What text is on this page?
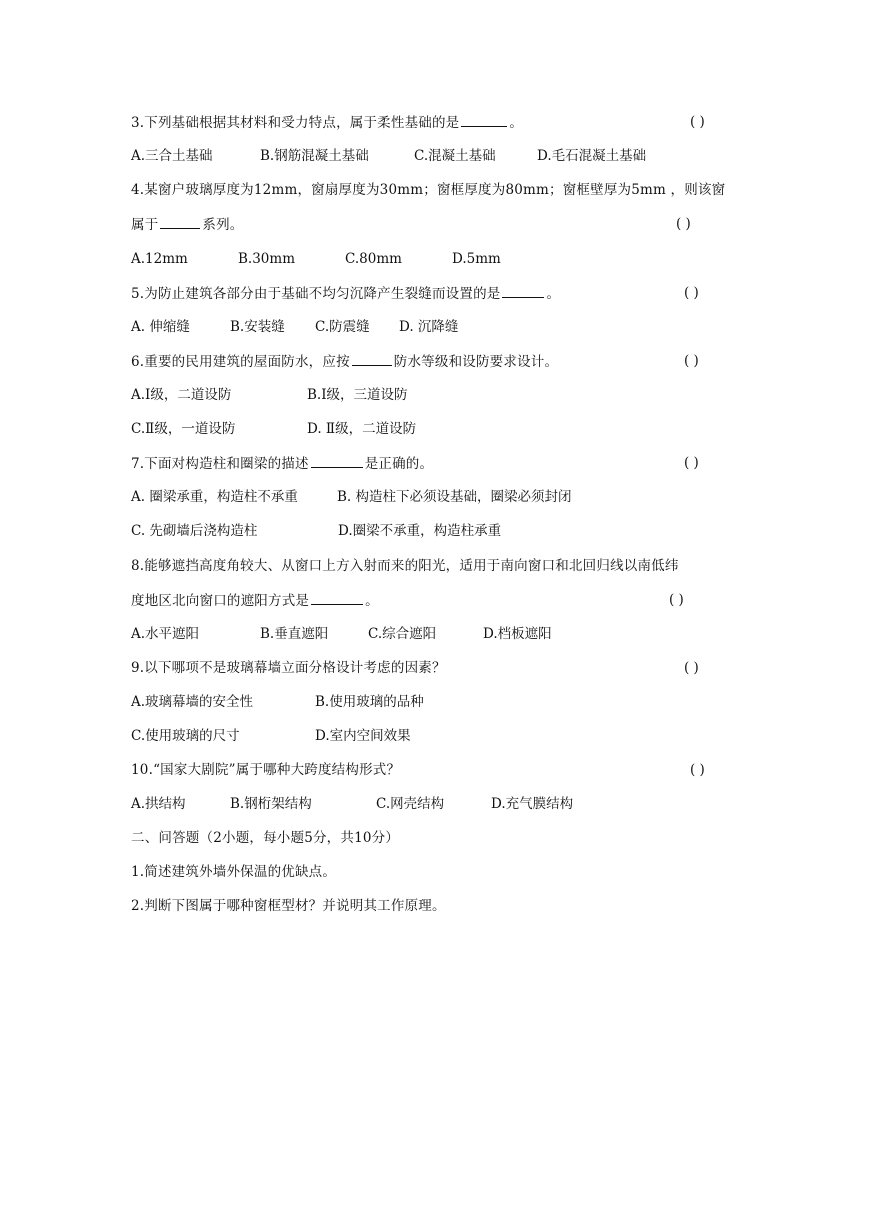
3.下列基础根据其材料和受力特点，属于柔性基础的是	。	( )
A.三合土基础	B.钢筋混凝土基础	C.混凝土基础	D.毛石混凝土基础
4.某窗户玻璃厚度为12mm，窗扇厚度为30mm；窗框厚度为80mm；窗框壁厚为5mm ，则该窗
属于	系列。	( )
A.12mm	B.30mm	C.80mm	D.5mm
5.为防止建筑各部分由于基础不均匀沉降产生裂缝而设置的是	。	( )
A. 伸缩缝	B.安装缝 C.防震缝 D. 沉降缝
6.重要的民用建筑的屋面防水，应按	防水等级和设防要求设计。	( )
A.Ⅰ级，二道设防	B.Ⅰ级，三道设防
C.Ⅱ级，一道设防	D. Ⅱ级，二道设防
7.下面对构造柱和圈梁的描述	是正确的。	( )
A. 圈梁承重，构造柱不承重	B. 构造柱下必须设基础，圈梁必须封闭
C. 先砌墙后浇构造柱	D.圈梁不承重，构造柱承重
8.能够遮挡高度角较大、从窗口上方入射而来的阳光，适用于南向窗口和北回归线以南低纬
度地区北向窗口的遮阳方式是	。	( )
A.水平遮阳	B.垂直遮阳	C.综合遮阳	D.档板遮阳
9.以下哪项不是玻璃幕墙立面分格设计考虑的因素？	( )
A.玻璃幕墙的安全性	B.使用玻璃的品种
C.使用玻璃的尺寸	D.室内空间效果
10.“国家大剧院”属于哪种大跨度结构形式？	( )
A.拱结构	B.钢桁架结构	C.网壳结构	D.充气膜结构
二、问答题（2小题，每小题5分，共10分）
1.简述建筑外墙外保温的优缺点。
2.判断下图属于哪种窗框型材？并说明其工作原理。
